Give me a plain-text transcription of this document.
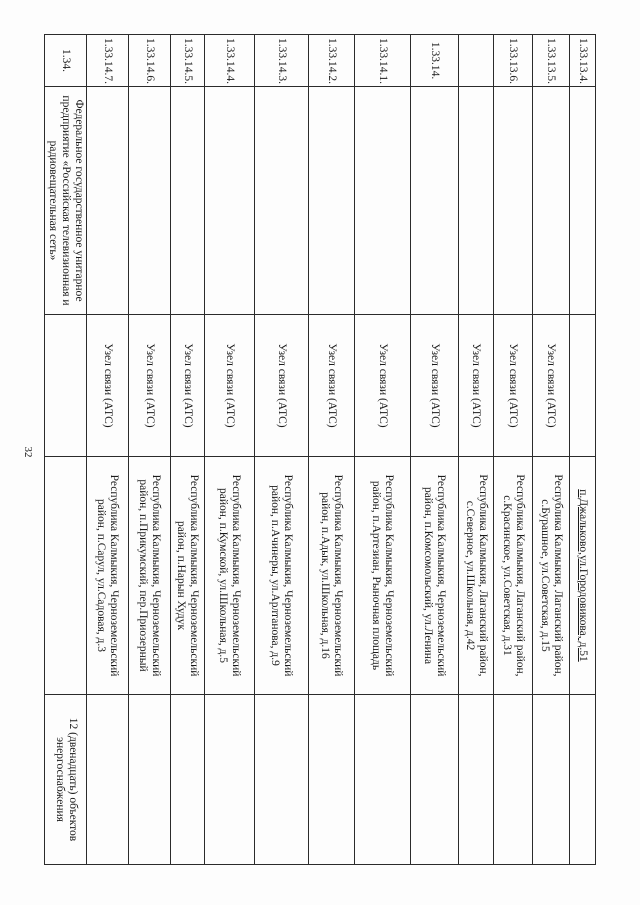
32
1.33.13.4.			п.Джальково,ул.Городовикова, д.51	
1.33.13.5.		Узел связи (АТС)	Республика Калмыкия, Лаганский район, с.Бурашное, ул.Советская, д.15	
1.33.13.6.		Узел связи (АТС)	Республика Калмыкия, Лаганский район, с.Красинское, ул.Советская, д.31	
		Узел связи (АТС)	Республика Калмыкия, Лаганский район, с.Северное, ул.Школьная, д.42	
1.33.14.		Узел связи (АТС)	Республика Калмыкия, Черноземельский район, п.Комсомольский, ул.Ленина	
1.33.14.1.		Узел связи (АТС)	Республика Калмыкия, Черноземельский район, п.Артезиан, Рыночная площадь	
1.33.14.2.		Узел связи (АТС)	Республика Калмыкия, Черноземельский район, п.Адык, ул.Школьная, д.16	
1.33.14.3.		Узел связи (АТС)	Республика Калмыкия, Черноземельский район, п.Ачинеры, ул.Арлтанова, д.9	
1.33.14.4.		Узел связи (АТС)	Республика Калмыкия, Черноземельский район, п.Кумской, ул.Школьная, д.5	
1.33.14.5.		Узел связи (АТС)	Республика Калмыкия, Черноземельский район, п.Нарын Худук	
1.33.14.6.		Узел связи (АТС)	Республика Калмыкия, Черноземельский район, п.Прикумский, пер.Приозерный	
1.33.14.7.		Узел связи (АТС)	Республика Калмыкия, Черноземельский район, п.Сарул, ул.Садовая, д.3	
1.34.	Федеральное государственное унитарное предприятие «Российская телевизионная и радиовещательная сеть»			12 (двенадцать) объектов энергоснабжения
